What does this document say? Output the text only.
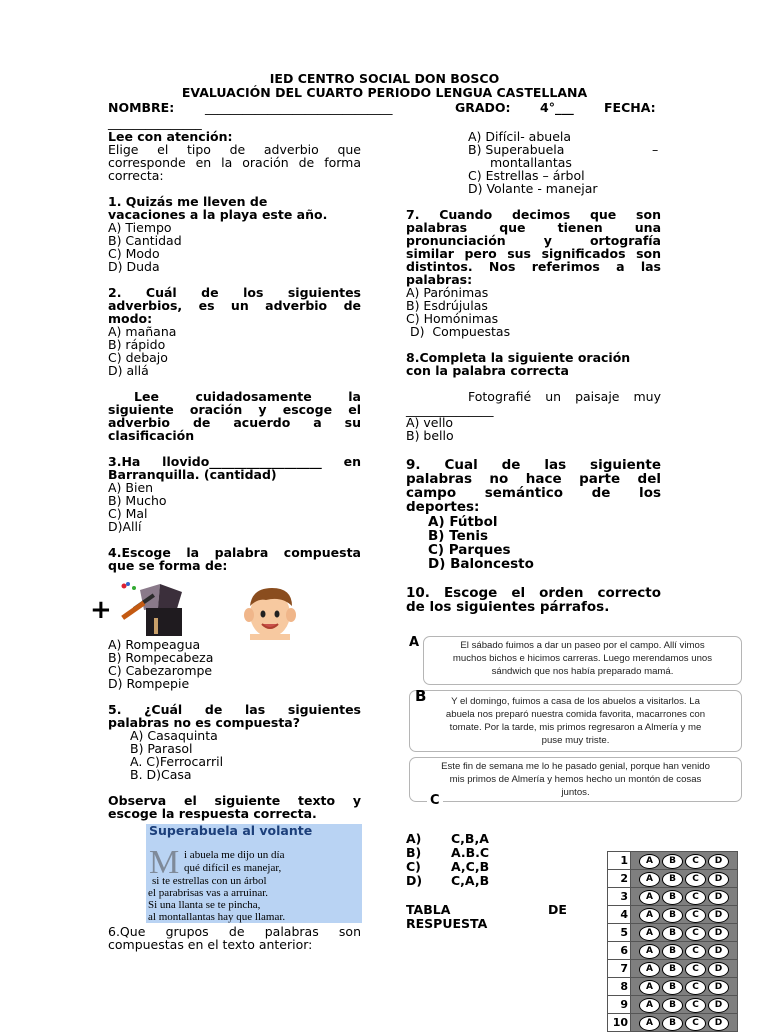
IED CENTRO SOCIAL DON BOSCO
EVALUACIÓN DEL CUARTO PERIODO LENGUA CASTELLANA
NOMBRE: ______________________________	GRADO: 4°___ FECHA:
_______________
Lee con atención:
Elige el tipo de adverbio que
corresponde en la oración de forma
correcta:
1. Quizás me lleven de
vacaciones a la playa este año.
A) Tiempo
B) Cantidad
C) Modo
D) Duda
2. Cuál de los siguientes
adverbios, es un adverbio de
modo:
A) mañana
B) rápido
C) debajo
D) allá
Lee cuidadosamente la
siguiente oración y escoge el
adverbio de acuerdo a su
clasificación
3.Ha llovido__________________ en
Barranquilla. (cantidad)
A) Bien
B) Mucho
C) Mal
D)Allí
4.Escoge la palabra compuesta
que se forma de:
+
A) Rompeagua
B) Rompecabeza
C) Cabezarompe
D) Rompepie
5. ¿Cuál de las siguientes
palabras no es compuesta?
A) Casaquinta
B) Parasol
A. C)Ferrocarril
B. D)Casa
Observa el siguiente texto y
escoge la respuesta correcta.
Superabuela al volante
M i abuela me dijo un día
qué difícil es manejar,
si te estrellas con un árbol
el parabrisas vas a arruinar.
Si una llanta se te pincha,
al montallantas hay que llamar.
6.Que grupos de palabras son
compuestas en el texto anterior:
A) Difícil- abuela
B) Superabuela	–
montallantas
C) Estrellas – árbol
D) Volante - manejar
7. Cuando decimos que son
palabras que tienen una
pronunciación y ortografía
similar pero sus significados son
distintos. Nos referimos a las
palabras:
A) Parónimas
B) Esdrújulas
C) Homónimas
D)  Compuestas
8.Completa la siguiente oración
con la palabra correcta
Fotografié un paisaje muy
______________
A) vello
B) bello
9. Cual de las siguiente
palabras no hace parte del
campo semántico de los
deportes:
A) Fútbol
B) Tenis
C) Parques
D) Baloncesto
10. Escoge el orden correcto
de los siguientes párrafos.
A	El sábado fuimos a dar un paseo por el campo. Allí vimos
muchos bichos e hicimos carreras. Luego merendamos unos
sándwich que nos había preparado mamá.
Y el domingo, fuimos a casa de los abuelos a visitarlos. La
abuela nos preparó nuestra comida favorita, macarrones con
tomate. Por la tarde, mis primos regresaron a Almería y me
puse muy triste.
B
Este fin de semana me lo he pasado genial, porque han venido
mis primos de Almería y hemos hecho un montón de cosas
juntos.
C
A) C,B,A
B) A.B.C
C) A,C,B
D) C,A,B
TABLA	DE
RESPUESTA
1	A B C D
2	A B C D
3	A B C D
4	A B C D
5	A B C D
6	A B C D
7	A B C D
8	A B C D
9	A B C D
10	A B C D
